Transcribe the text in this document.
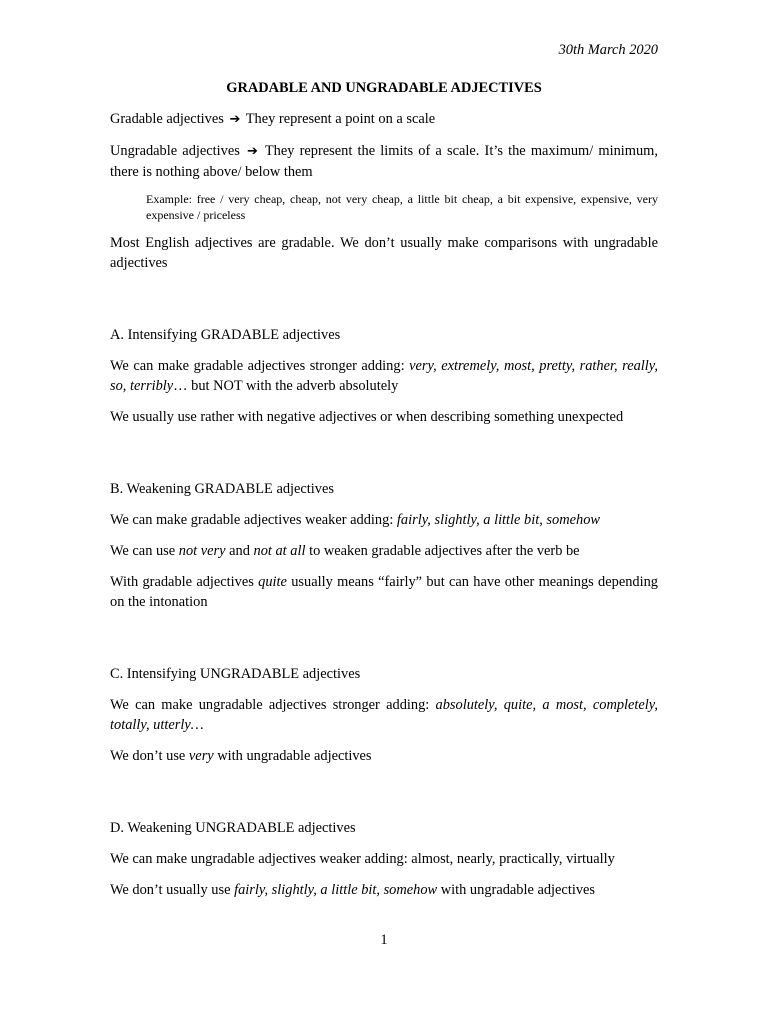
30th March 2020
GRADABLE AND UNGRADABLE ADJECTIVES

Gradable adjectives ➔ They represent a point on a scale

Ungradable adjectives ➔ They represent the limits of a scale. It’s the maximum/ minimum, there is nothing above/ below them

Example: free / very cheap, cheap, not very cheap, a little bit cheap, a bit expensive, expensive, very expensive / priceless

Most English adjectives are gradable. We don’t usually make comparisons with ungradable adjectives

A. Intensifying GRADABLE adjectives

We can make gradable adjectives stronger adding: very, extremely, most, pretty, rather, really, so, terribly… but NOT with the adverb absolutely

We usually use rather with negative adjectives or when describing something unexpected

B. Weakening GRADABLE adjectives

We can make gradable adjectives weaker adding: fairly, slightly, a little bit, somehow

We can use not very and not at all to weaken gradable adjectives after the verb be

With gradable adjectives quite usually means “fairly” but can have other meanings depending on the intonation

C. Intensifying UNGRADABLE adjectives

We can make ungradable adjectives stronger adding: absolutely, quite, a most, completely, totally, utterly…

We don’t use very with ungradable adjectives

D. Weakening UNGRADABLE adjectives

We can make ungradable adjectives weaker adding: almost, nearly, practically, virtually

We don’t usually use fairly, slightly, a little bit, somehow with ungradable adjectives

1
